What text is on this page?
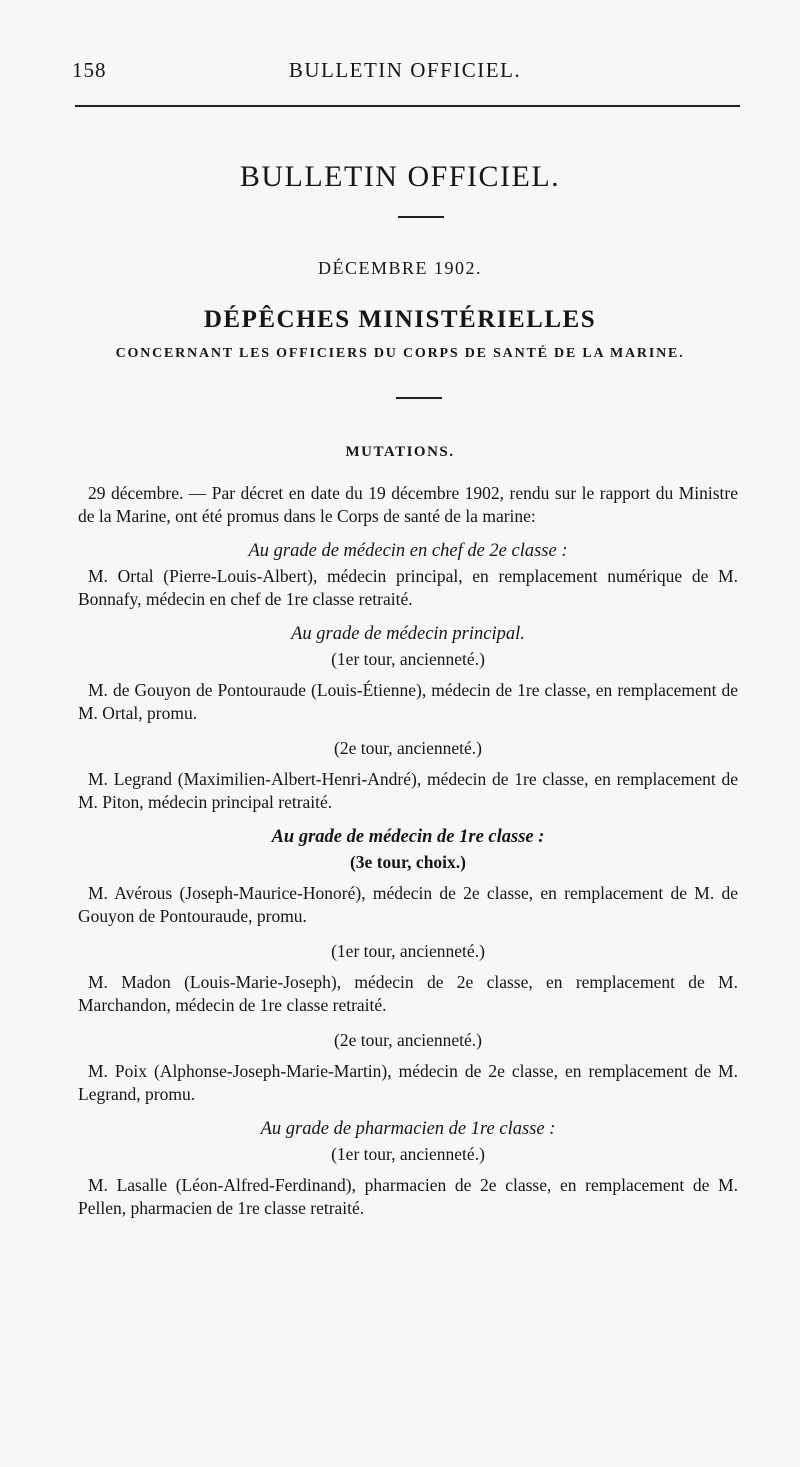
158	BULLETIN OFFICIEL.
BULLETIN OFFICIEL.
DÉCEMBRE 1902.
DÉPÊCHES MINISTÉRIELLES
CONCERNANT LES OFFICIERS DU CORPS DE SANTÉ DE LA MARINE.
MUTATIONS.

29 décembre. — Par décret en date du 19 décembre 1902, rendu sur le rapport du Ministre de la Marine, ont été promus dans le Corps de santé de la marine:

Au grade de médecin en chef de 2e classe :

M. Ortal (Pierre-Louis-Albert), médecin principal, en remplacement numérique de M. Bonnafy, médecin en chef de 1re classe retraité.

Au grade de médecin principal.

(1er tour, ancienneté.)

M. de Gouyon de Pontouraude (Louis-Étienne), médecin de 1re classe, en remplacement de M. Ortal, promu.

(2e tour, ancienneté.)

M. Legrand (Maximilien-Albert-Henri-André), médecin de 1re classe, en remplacement de M. Piton, médecin principal retraité.

Au grade de médecin de 1re classe :

(3e tour, choix.)

M. Avérous (Joseph-Maurice-Honoré), médecin de 2e classe, en remplacement de M. de Gouyon de Pontouraude, promu.

(1er tour, ancienneté.)

M. Madon (Louis-Marie-Joseph), médecin de 2e classe, en remplacement de M. Marchandon, médecin de 1re classe retraité.

(2e tour, ancienneté.)

M. Poix (Alphonse-Joseph-Marie-Martin), médecin de 2e classe, en remplacement de M. Legrand, promu.

Au grade de pharmacien de 1re classe :

(1er tour, ancienneté.)

M. Lasalle (Léon-Alfred-Ferdinand), pharmacien de 2e classe, en remplacement de M. Pellen, pharmacien de 1re classe retraité.
